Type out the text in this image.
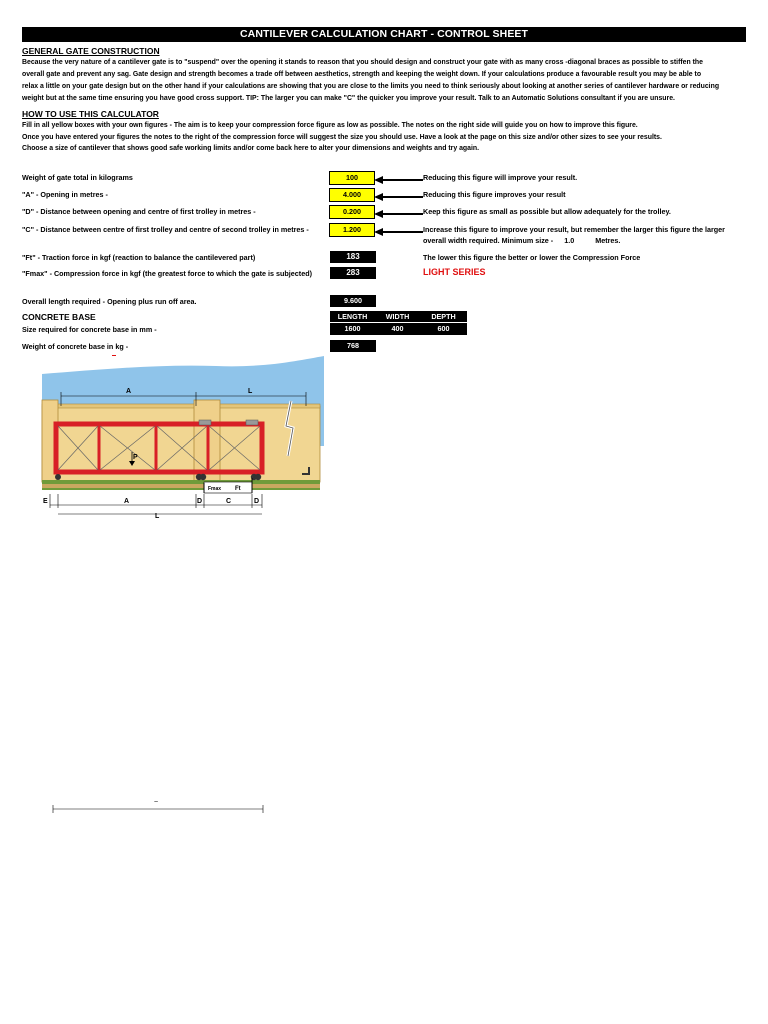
CANTILEVER CALCULATION CHART - CONTROL SHEET
GENERAL GATE CONSTRUCTION
Because the very nature of a cantilever gate is to "suspend" over the opening it stands to reason that you should design and construct your gate with as many cross -diagonal braces as possible to stiffen the
overall gate and prevent any sag. Gate design and strength becomes a trade off between aesthetics, strength and keeping the weight down. If your calculations produce a favourable result you may be able to
relax a little on your gate design but on the other hand if your calculations are showing that you are close to the limits you need to think seriously about looking at another series of cantilever hardware or reducing
weight but at the same time ensuring you have good cross support. TIP: The larger you can make "C" the quicker you improve your result. Talk to an Automatic Solutions consultant if you are unsure.
HOW TO USE THIS CALCULATOR
Fill in all yellow boxes with your own figures - The aim is to keep your compression force figure as low as possible. The notes on the right side will guide you on how to improve this figure.
Once you have entered your figures the notes to the right of the compression force will suggest the size you should use. Have a look at the page on this size and/or other sizes to see your results.
Choose a size of cantilever that shows good safe working limits and/or come back here to alter your dimensions and weights and try again.
Weight of gate total in kilograms	100	Reducing this figure will improve your result.
"A" - Opening in metres -	4.000	Reducing this figure improves your result
"D" - Distance between opening and centre of first trolley in metres -	0.200	Keep this figure as small as possible but allow adequately for the trolley.
"C" - Distance between centre of first trolley and centre of second trolley in metres -	1.200	Increase this figure to improve your result, but remember the larger this figure the larger
overall width required. Minimum size - 1.0	Metres.
"Ft" - Traction force in kgf (reaction to balance the cantilevered part)	183	The lower this figure the better or lower the Compression Force
"Fmax" - Compression force in kgf (the greatest force to which the gate is subjected)	283	LIGHT SERIES
Overall length required - Opening plus run off area.	9.600
CONCRETE BASE
Size required for concrete base in mm -
LENGTH	WIDTH	DEPTH
1600	400	600
Weight of concrete base in kg -	768
P
Fmax Ft
A	L
E	A	D	C	D
L
~
